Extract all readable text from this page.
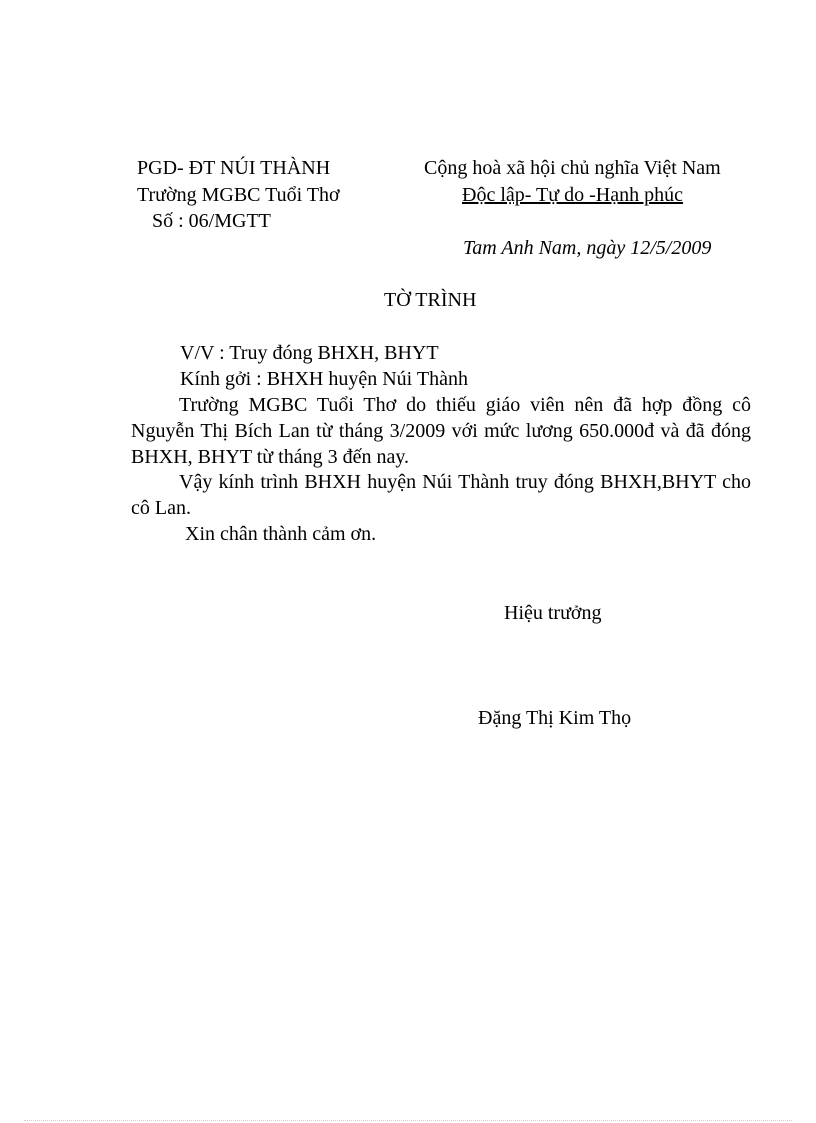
PGD- ĐT NÚI THÀNH
Trường MGBC Tuổi Thơ
Số : 06/MGTT
Cộng hoà xã hội chủ nghĩa Việt Nam
Độc lập- Tự do -Hạnh phúc
Tam Anh Nam, ngày 12/5/2009
TỜ TRÌNH
V/V : Truy đóng BHXH, BHYT
Kính gởi : BHXH huyện Núi Thành
Trường MGBC Tuổi Thơ do thiếu giáo viên nên đã hợp đồng cô Nguyễn Thị Bích Lan từ tháng 3/2009 với mức lương 650.000đ và đã đóng BHXH, BHYT từ tháng 3 đến nay.
Vậy kính trình BHXH huyện Núi Thành truy đóng BHXH,BHYT cho cô Lan.
Xin chân thành cảm ơn.
Hiệu trưởng
Đặng Thị Kim Thọ
